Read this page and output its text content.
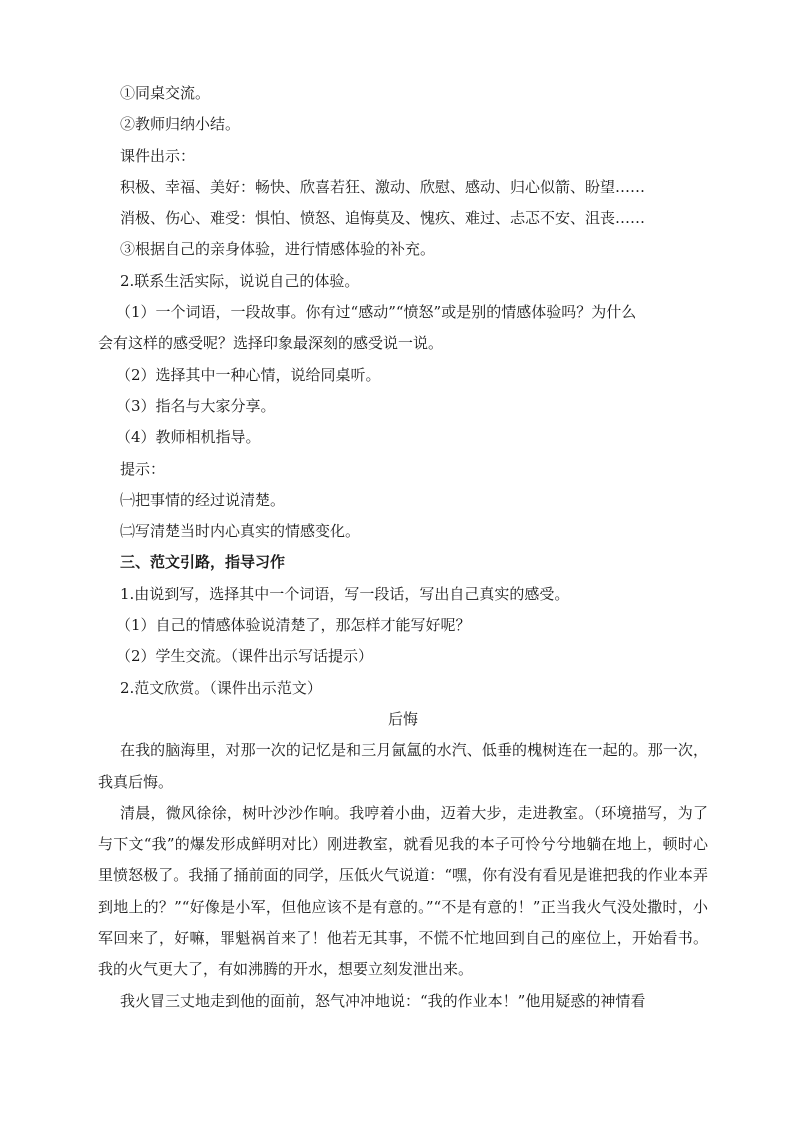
①同桌交流。

②教师归纳小结。

课件出示：

积极、幸福、美好：畅快、欣喜若狂、激动、欣慰、感动、归心似箭、盼望……

消极、伤心、难受：惧怕、愤怒、追悔莫及、愧疚、难过、忐忑不安、沮丧……

③根据自己的亲身体验，进行情感体验的补充。

2.联系生活实际，说说自己的体验。

（1）一个词语，一段故事。你有过“感动”“愤怒”或是别的情感体验吗？为什么

会有这样的感受呢？选择印象最深刻的感受说一说。

（2）选择其中一种心情，说给同桌听。

（3）指名与大家分享。

（4）教师相机指导。

提示：

㈠把事情的经过说清楚。

㈡写清楚当时内心真实的情感变化。

三、范文引路，指导习作

1.由说到写，选择其中一个词语，写一段话，写出自己真实的感受。

（1）自己的情感体验说清楚了，那怎样才能写好呢？

（2）学生交流。（课件出示写话提示）

2.范文欣赏。（课件出示范文）

后悔

在我的脑海里，对那一次的记忆是和三月氤氲的水汽、低垂的槐树连在一起的。那一次，我真后悔。

清晨，微风徐徐，树叶沙沙作响。我哼着小曲，迈着大步，走进教室。（环境描写，为了与下文“我”的爆发形成鲜明对比）刚进教室，就看见我的本子可怜兮兮地躺在地上，顿时心里愤怒极了。我捅了捅前面的同学，压低火气说道：“嘿，你有没有看见是谁把我的作业本弄到地上的？”“好像是小军，但他应该不是有意的。”“不是有意的！”正当我火气没处撒时，小军回来了，好嘛，罪魁祸首来了！他若无其事，不慌不忙地回到自己的座位上，开始看书。我的火气更大了，有如沸腾的开水，想要立刻发泄出来。

我火冒三丈地走到他的面前，怒气冲冲地说：“我的作业本！”他用疑惑的神情看
